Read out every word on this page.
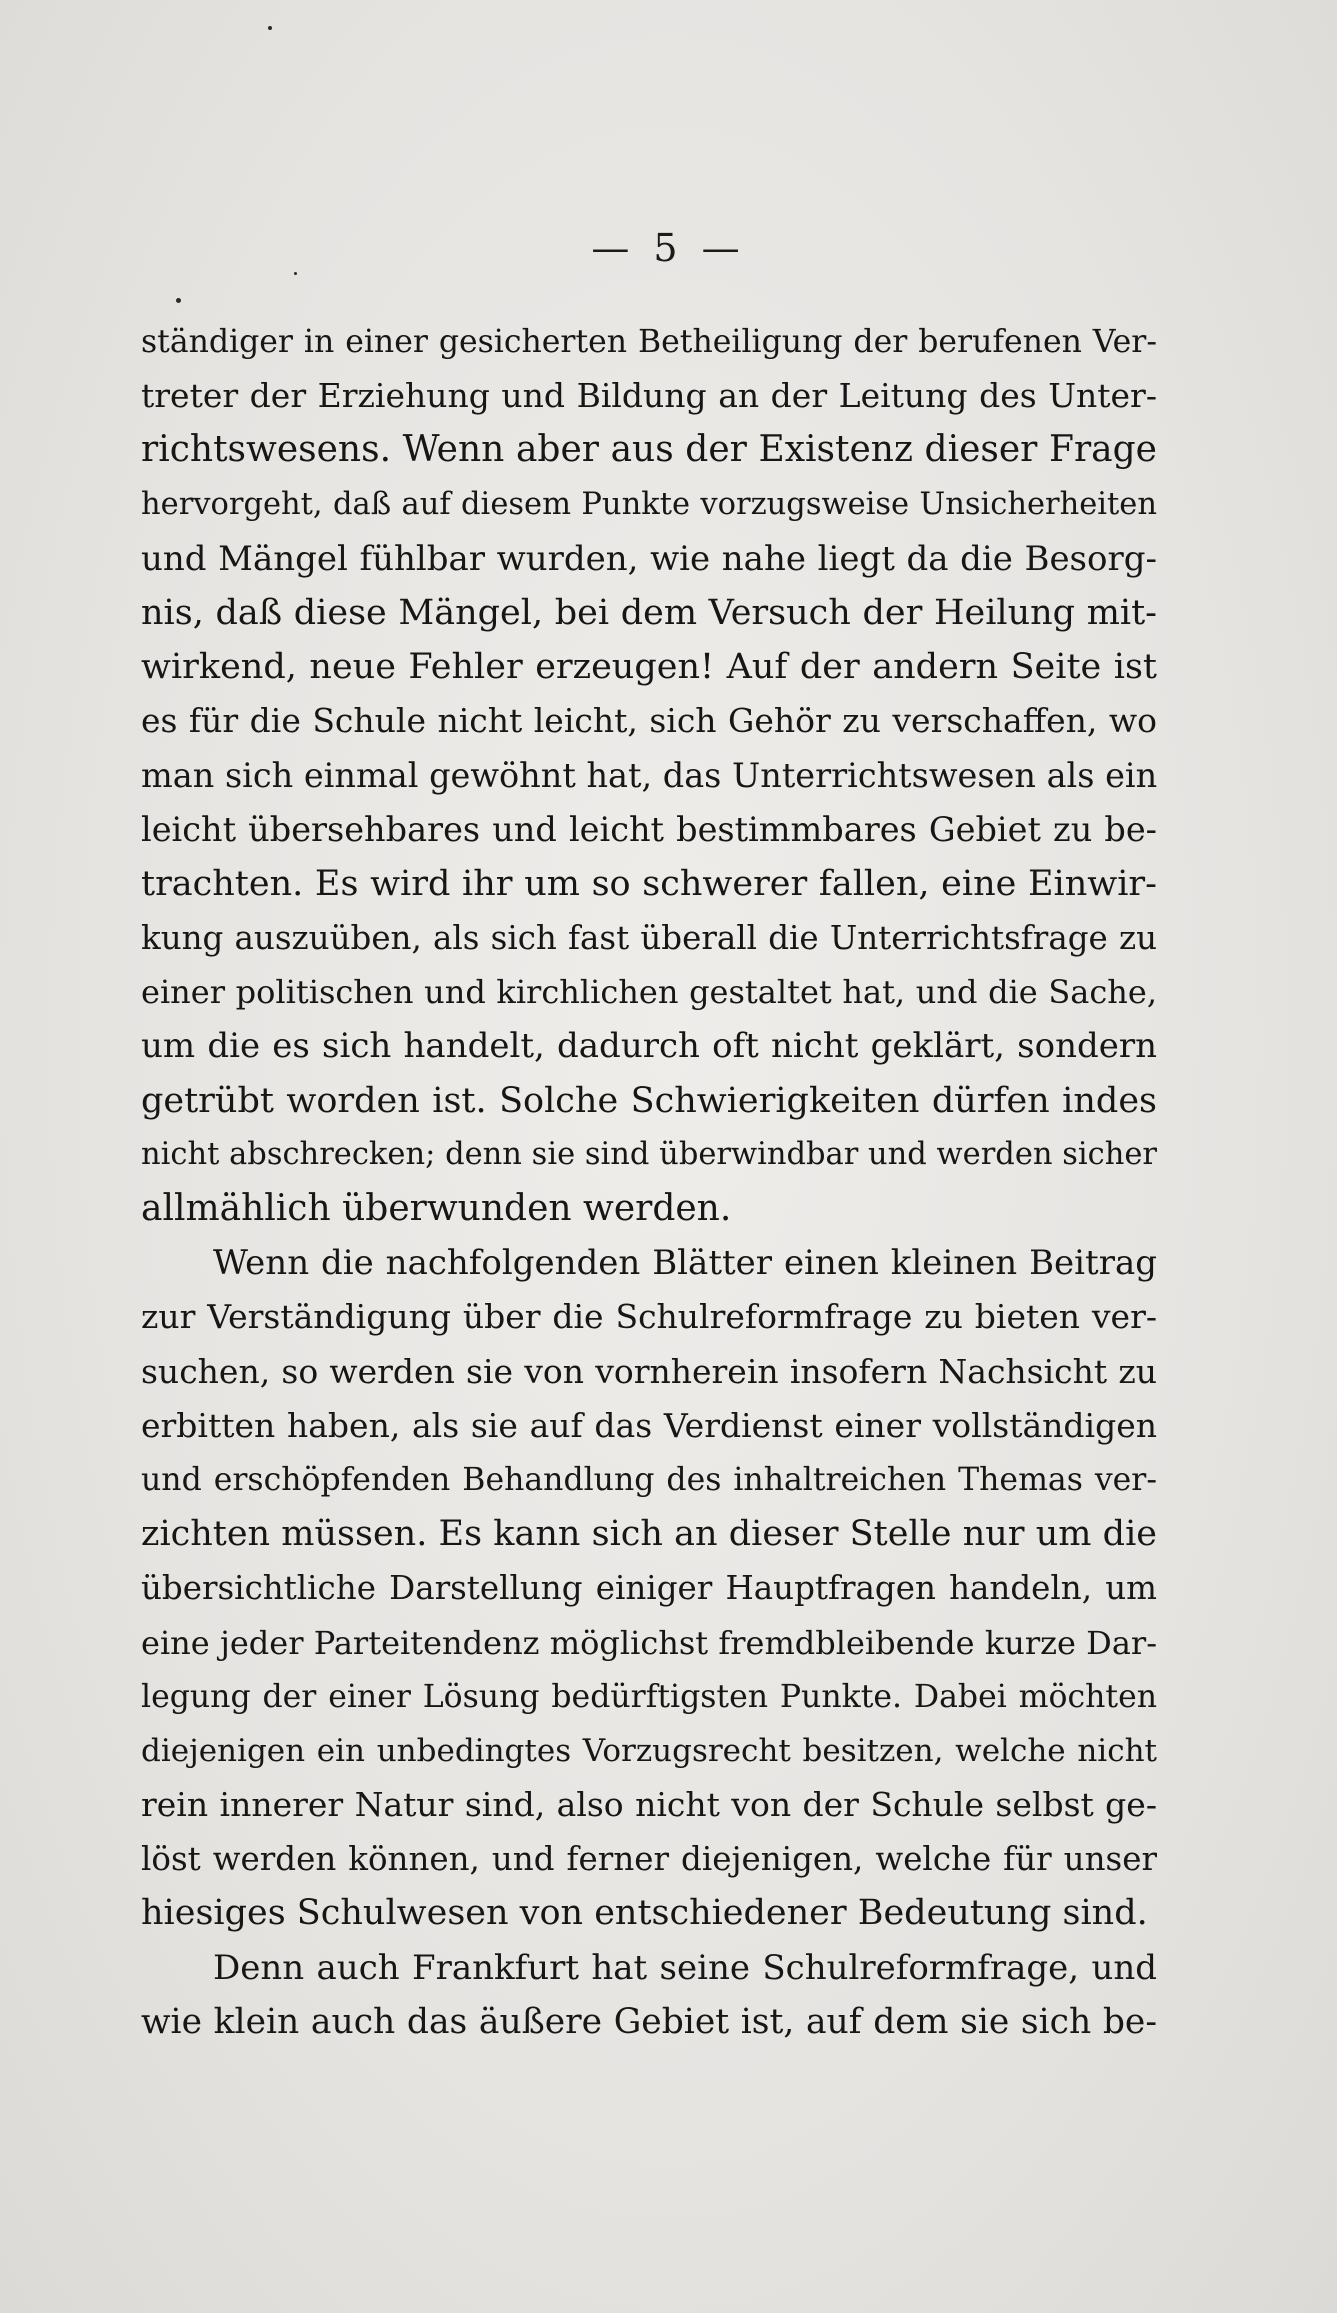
— 5 —
ständiger in einer gesicherten Betheiligung der berufenen Ver-
treter der Erziehung und Bildung an der Leitung des Unter-
richtswesens. Wenn aber aus der Existenz dieser Frage
hervorgeht, daß auf diesem Punkte vorzugsweise Unsicherheiten
und Mängel fühlbar wurden, wie nahe liegt da die Besorg-
nis, daß diese Mängel, bei dem Versuch der Heilung mit-
wirkend, neue Fehler erzeugen! Auf der andern Seite ist
es für die Schule nicht leicht, sich Gehör zu verschaffen, wo
man sich einmal gewöhnt hat, das Unterrichtswesen als ein
leicht übersehbares und leicht bestimmbares Gebiet zu be-
trachten. Es wird ihr um so schwerer fallen, eine Einwir-
kung auszuüben, als sich fast überall die Unterrichtsfrage zu
einer politischen und kirchlichen gestaltet hat, und die Sache,
um die es sich handelt, dadurch oft nicht geklärt, sondern
getrübt worden ist. Solche Schwierigkeiten dürfen indes
nicht abschrecken; denn sie sind überwindbar und werden sicher
allmählich überwunden werden.
Wenn die nachfolgenden Blätter einen kleinen Beitrag
zur Verständigung über die Schulreformfrage zu bieten ver-
suchen, so werden sie von vornherein insofern Nachsicht zu
erbitten haben, als sie auf das Verdienst einer vollständigen
und erschöpfenden Behandlung des inhaltreichen Themas ver-
zichten müssen. Es kann sich an dieser Stelle nur um die
übersichtliche Darstellung einiger Hauptfragen handeln, um
eine jeder Parteitendenz möglichst fremdbleibende kurze Dar-
legung der einer Lösung bedürftigsten Punkte. Dabei möchten
diejenigen ein unbedingtes Vorzugsrecht besitzen, welche nicht
rein innerer Natur sind, also nicht von der Schule selbst ge-
löst werden können, und ferner diejenigen, welche für unser
hiesiges Schulwesen von entschiedener Bedeutung sind.
Denn auch Frankfurt hat seine Schulreformfrage, und
wie klein auch das äußere Gebiet ist, auf dem sie sich be-
